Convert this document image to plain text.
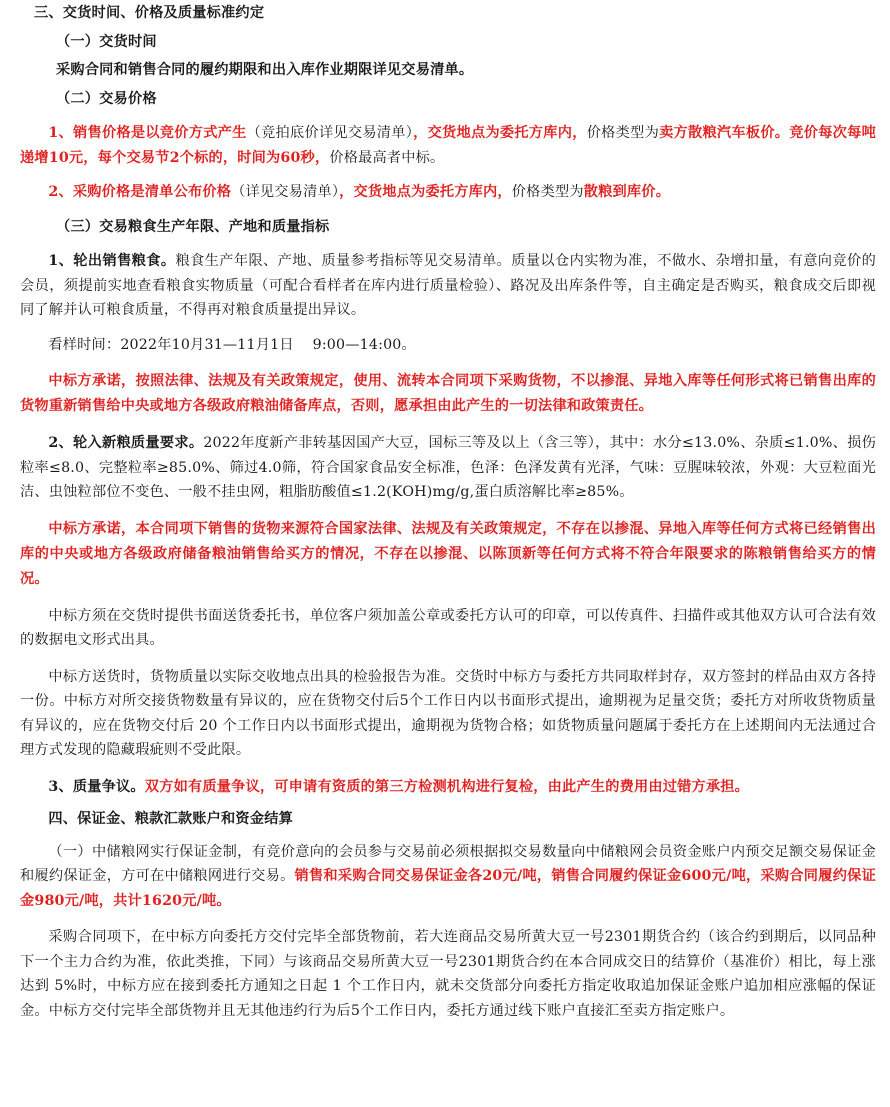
三、交货时间、价格及质量标准约定

（一）交货时间

采购合同和销售合同的履约期限和出入库作业期限详见交易清单。

（二）交易价格

1、销售价格是以竞价方式产生（竞拍底价详见交易清单），交货地点为委托方库内，价格类型为卖方散粮汽车板价。竞价每次每吨递增10元，每个交易节2个标的，时间为60秒，价格最高者中标。

2、采购价格是清单公布价格（详见交易清单），交货地点为委托方库内，价格类型为散粮到库价。

（三）交易粮食生产年限、产地和质量指标

1、轮出销售粮食。粮食生产年限、产地、质量参考指标等见交易清单。质量以仓内实物为准，不做水、杂增扣量，有意向竞价的会员，须提前实地查看粮食实物质量（可配合看样者在库内进行质量检验）、路况及出库条件等，自主确定是否购买，粮食成交后即视同了解并认可粮食质量，不得再对粮食质量提出异议。

看样时间：2022年10月31—11月1日    9:00—14:00。

中标方承诺，按照法律、法规及有关政策规定，使用、流转本合同项下采购货物，不以掺混、异地入库等任何形式将已销售出库的货物重新销售给中央或地方各级政府粮油储备库点，否则，愿承担由此产生的一切法律和政策责任。

2、轮入新粮质量要求。2022年度新产非转基因国产大豆，国标三等及以上（含三等），其中：水分≤13.0%、杂质≤1.0%、损伤粒率≤8.0、完整粒率≥85.0%、筛过4.0筛，符合国家食品安全标准，色泽：色泽发黄有光泽，气味：豆腥味较浓，外观：大豆粒面光洁、虫蚀粒部位不变色、一般不挂虫网，粗脂肪酸值≤1.2(KOH)mg/g,蛋白质溶解比率≥85%。

中标方承诺，本合同项下销售的货物来源符合国家法律、法规及有关政策规定，不存在以掺混、异地入库等任何方式将已经销售出库的中央或地方各级政府储备粮油销售给买方的情况，不存在以掺混、以陈顶新等任何方式将不符合年限要求的陈粮销售给买方的情况。

中标方须在交货时提供书面送货委托书，单位客户须加盖公章或委托方认可的印章，可以传真件、扫描件或其他双方认可合法有效的数据电文形式出具。

中标方送货时，货物质量以实际交收地点出具的检验报告为准。交货时中标方与委托方共同取样封存，双方签封的样品由双方各持一份。中标方对所交接货物数量有异议的，应在货物交付后5个工作日内以书面形式提出，逾期视为足量交货；委托方对所收货物质量有异议的，应在货物交付后 20 个工作日内以书面形式提出，逾期视为货物合格；如货物质量问题属于委托方在上述期间内无法通过合理方式发现的隐藏瑕疵则不受此限。

3、质量争议。双方如有质量争议，可申请有资质的第三方检测机构进行复检，由此产生的费用由过错方承担。

四、保证金、粮款汇款账户和资金结算

（一）中储粮网实行保证金制，有竞价意向的会员参与交易前必须根据拟交易数量向中储粮网会员资金账户内预交足额交易保证金和履约保证金，方可在中储粮网进行交易。销售和采购合同交易保证金各20元/吨，销售合同履约保证金600元/吨，采购合同履约保证金980元/吨，共计1620元/吨。

采购合同项下，在中标方向委托方交付完毕全部货物前，若大连商品交易所黄大豆一号2301期货合约（该合约到期后，以同品种下一个主力合约为准，依此类推，下同）与该商品交易所黄大豆一号2301期货合约在本合同成交日的结算价（基准价）相比，每上涨达到 5%时，中标方应在接到委托方通知之日起 1 个工作日内，就未交货部分向委托方指定收取追加保证金账户追加相应涨幅的保证金。中标方交付完毕全部货物并且无其他违约行为后5个工作日内，委托方通过线下账户直接汇至卖方指定账户。
